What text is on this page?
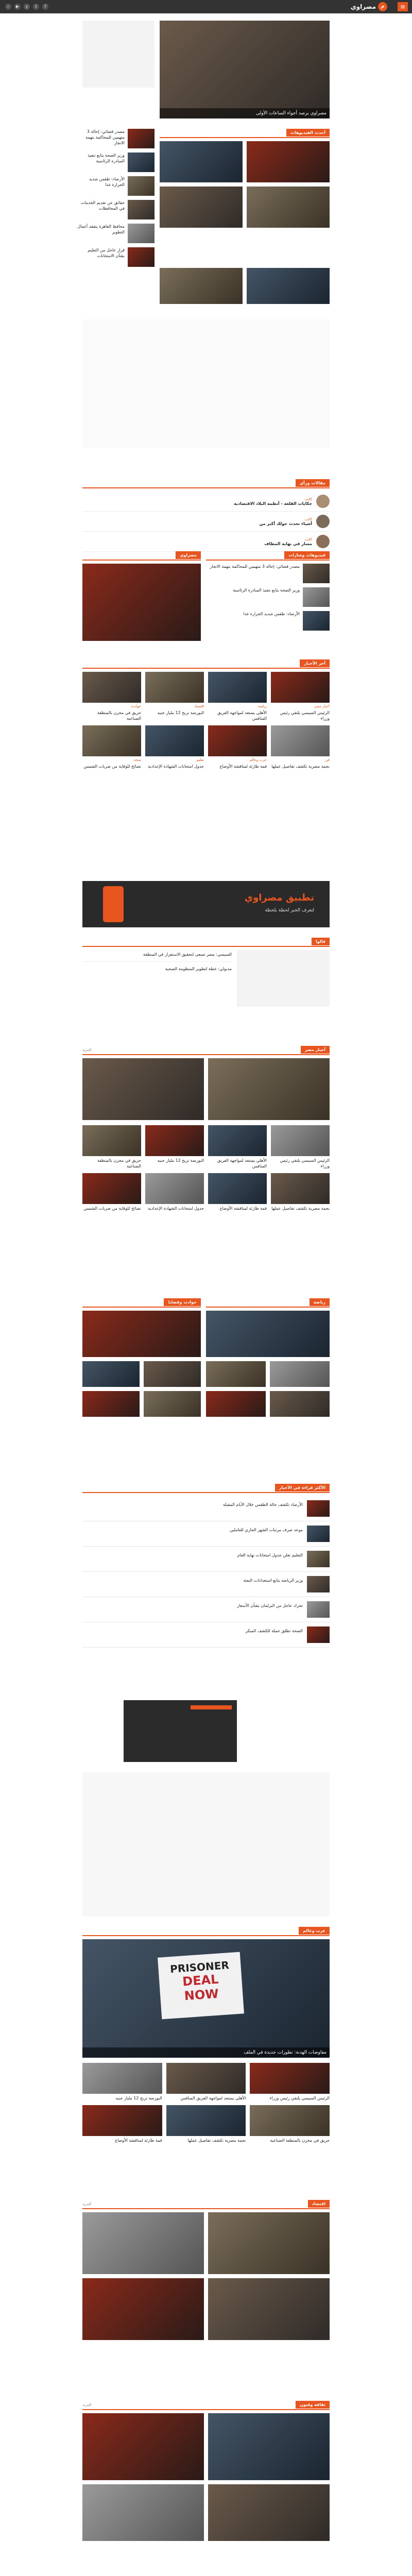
≡
م
مصراوي
f
t
y
▶
⌕
مصراوي يرصد أجواء الساعات الأولى
أحدث الفيديوهات
مصدر قضائي: إحالة 3 متهمين للمحاكمة بتهمة الاتجار
وزير الصحة يتابع تنفيذ المبادرة الرئاسية
الأرصاد: طقس شديد الحرارة غدا
حقائق عن تقديم الخدمات في المحافظات
محافظ القاهرة يتفقد أعمال التطوير
قرار عاجل من التعليم بشأن الامتحانات
مقالات ورأي
كاتب
حكايات القلعة - أنظمة البلاد الاقتصادية
كاتب
أشياء تحدث حولك أكبر من
كاتب
مسار في نهاية المطاف
مصراوي	فيديوهات وشارات
مصدر قضائي: إحالة 3 متهمين للمحاكمة بتهمة الاتجار
وزير الصحة يتابع تنفيذ المبادرة الرئاسية
الأرصاد: طقس شديد الحرارة غدا
أخر الأخبار
أخبار مصر
الرئيس السيسي يلتقي رئيس وزراء
رياضة
الأهلي يستعد لمواجهة الفريق المنافس
اقتصاد
البورصة تربح 12 مليار جنيه
حوادث
حريق في مخزن بالمنطقة الصناعية
فن
نجمة مصرية تكشف تفاصيل عملها
عرب وعالم
قمة طارئة لمناقشة الأوضاع
تعليم
جدول امتحانات الشهادة الإعدادية
صحة
نصائح للوقاية من ضربات الشمس
تطبيق مصراوي
لتعرف الخبر لحظة بلحظة
قالوا
السيسي: مصر تسعى لتحقيق الاستقرار في المنطقة
مدبولي: خطة لتطوير المنظومة الصحية
أخبار مصر
المزيد
الرئيس السيسي يلتقي رئيس وزراء
الأهلي يستعد لمواجهة الفريق المنافس
البورصة تربح 12 مليار جنيه
حريق في مخزن بالمنطقة الصناعية
نجمة مصرية تكشف تفاصيل عملها
قمة طارئة لمناقشة الأوضاع
جدول امتحانات الشهادة الإعدادية
نصائح للوقاية من ضربات الشمس
حوادث وقضايا	رياضة
الأكثر قراءة في الأخبار
الأرصاد تكشف حالة الطقس خلال الأيام المقبلة
موعد صرف مرتبات الشهر الجاري للعاملين
التعليم تعلن جدول امتحانات نهاية العام
وزير الرياضة يتابع استعدادات البعثة
تحرك عاجل من البرلمان بشأن الأسعار
الصحة تطلق حملة للكشف المبكر
عرب وعالم
PRISONER
DEAL
NOW
مفاوضات الهدنة: تطورات جديدة في الملف
الرئيس السيسي يلتقي رئيس وزراء
الأهلي يستعد لمواجهة الفريق المنافس
البورصة تربح 12 مليار جنيه
حريق في مخزن بالمنطقة الصناعية
نجمة مصرية تكشف تفاصيل عملها
قمة طارئة لمناقشة الأوضاع
اقتصاد
المزيد
ثقافة وفنون
المزيد
